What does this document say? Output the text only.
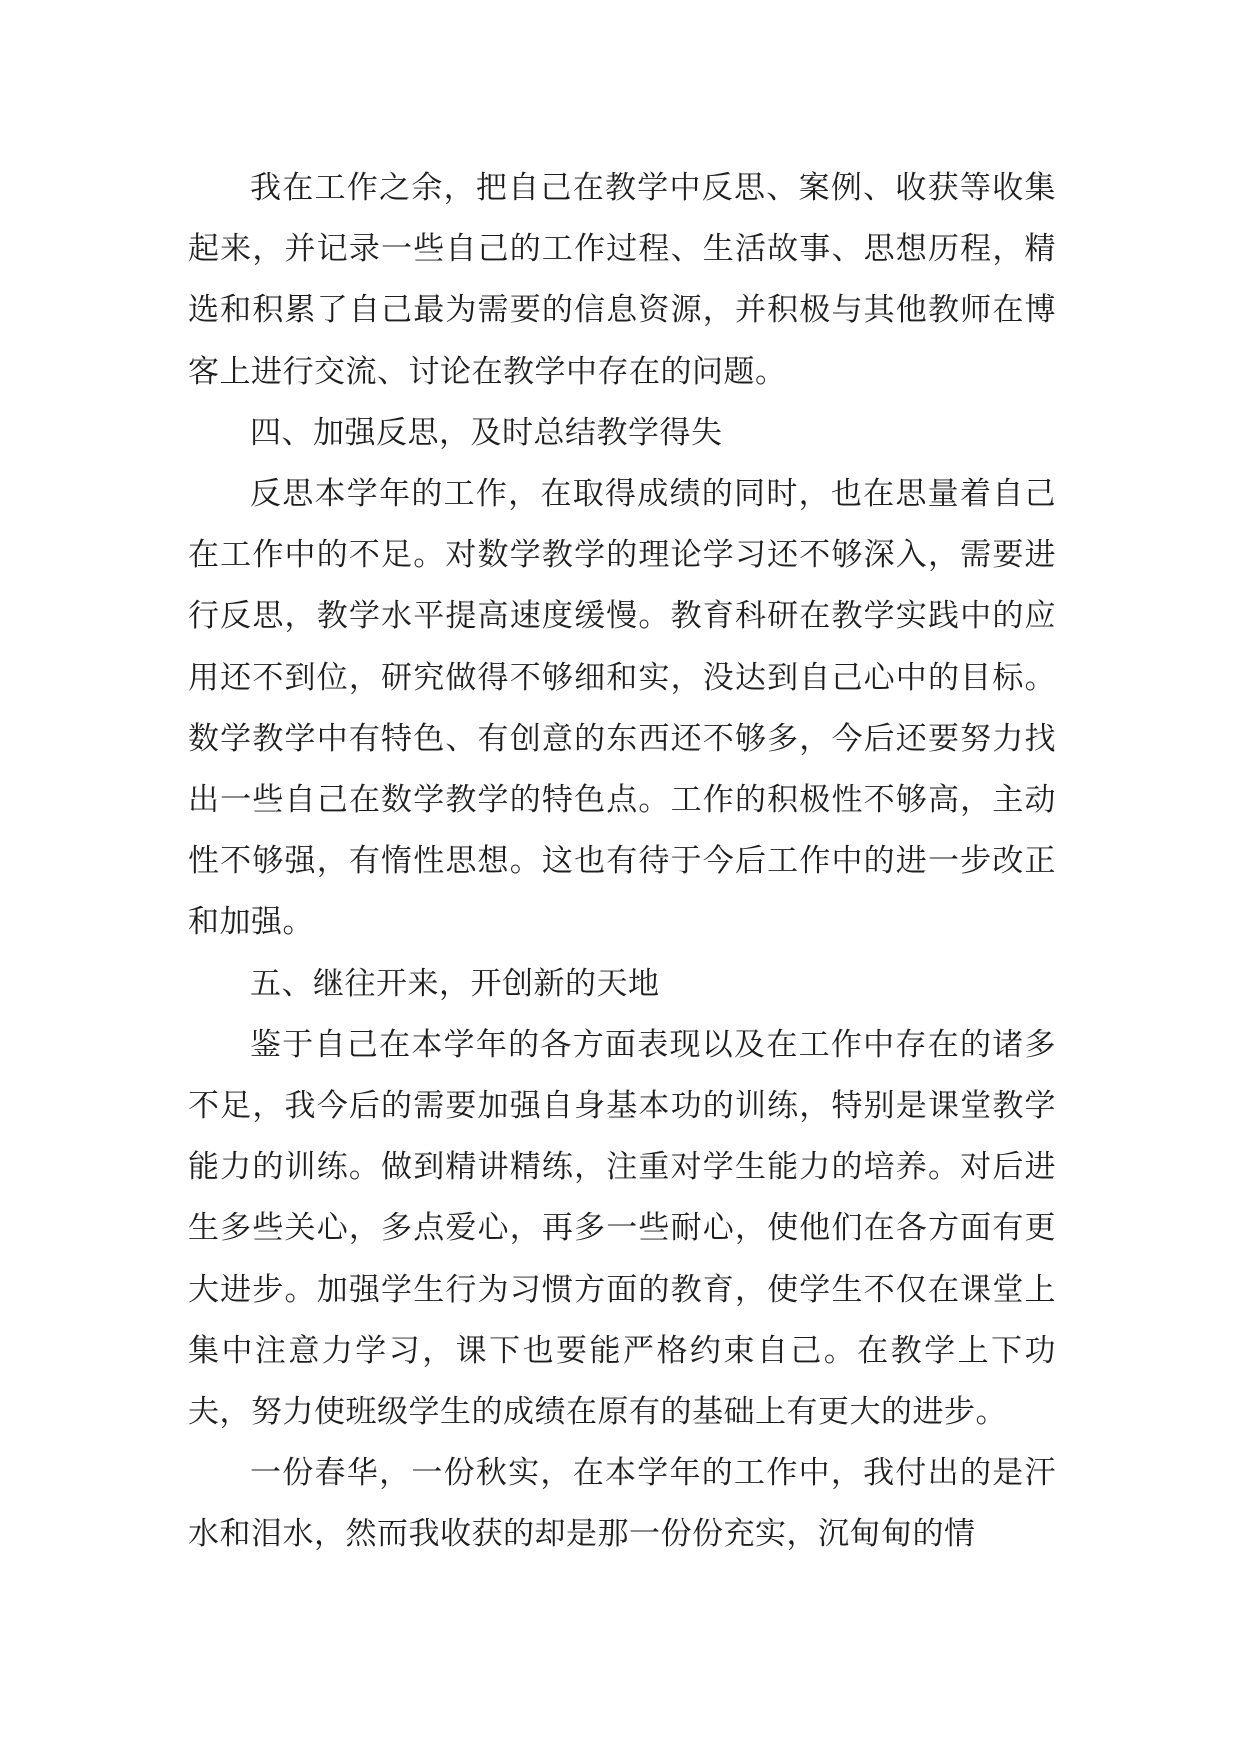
我在工作之余，把自己在教学中反思、案例、收获等收集起来，并记录一些自己的工作过程、生活故事、思想历程，精选和积累了自己最为需要的信息资源，并积极与其他教师在博客上进行交流、讨论在教学中存在的问题。

四、加强反思，及时总结教学得失

反思本学年的工作，在取得成绩的同时，也在思量着自己在工作中的不足。对数学教学的理论学习还不够深入，需要进行反思，教学水平提高速度缓慢。教育科研在教学实践中的应用还不到位，研究做得不够细和实，没达到自己心中的目标。数学教学中有特色、有创意的东西还不够多，今后还要努力找出一些自己在数学教学的特色点。工作的积极性不够高，主动性不够强，有惰性思想。这也有待于今后工作中的进一步改正和加强。

五、继往开来，开创新的天地

鉴于自己在本学年的各方面表现以及在工作中存在的诸多不足，我今后的需要加强自身基本功的训练，特别是课堂教学能力的训练。做到精讲精练，注重对学生能力的培养。对后进生多些关心，多点爱心，再多一些耐心，使他们在各方面有更大进步。加强学生行为习惯方面的教育，使学生不仅在课堂上集中注意力学习，课下也要能严格约束自己。在教学上下功夫，努力使班级学生的成绩在原有的基础上有更大的进步。

一份春华，一份秋实，在本学年的工作中，我付出的是汗水和泪水，然而我收获的却是那一份份充实，沉甸甸的情
